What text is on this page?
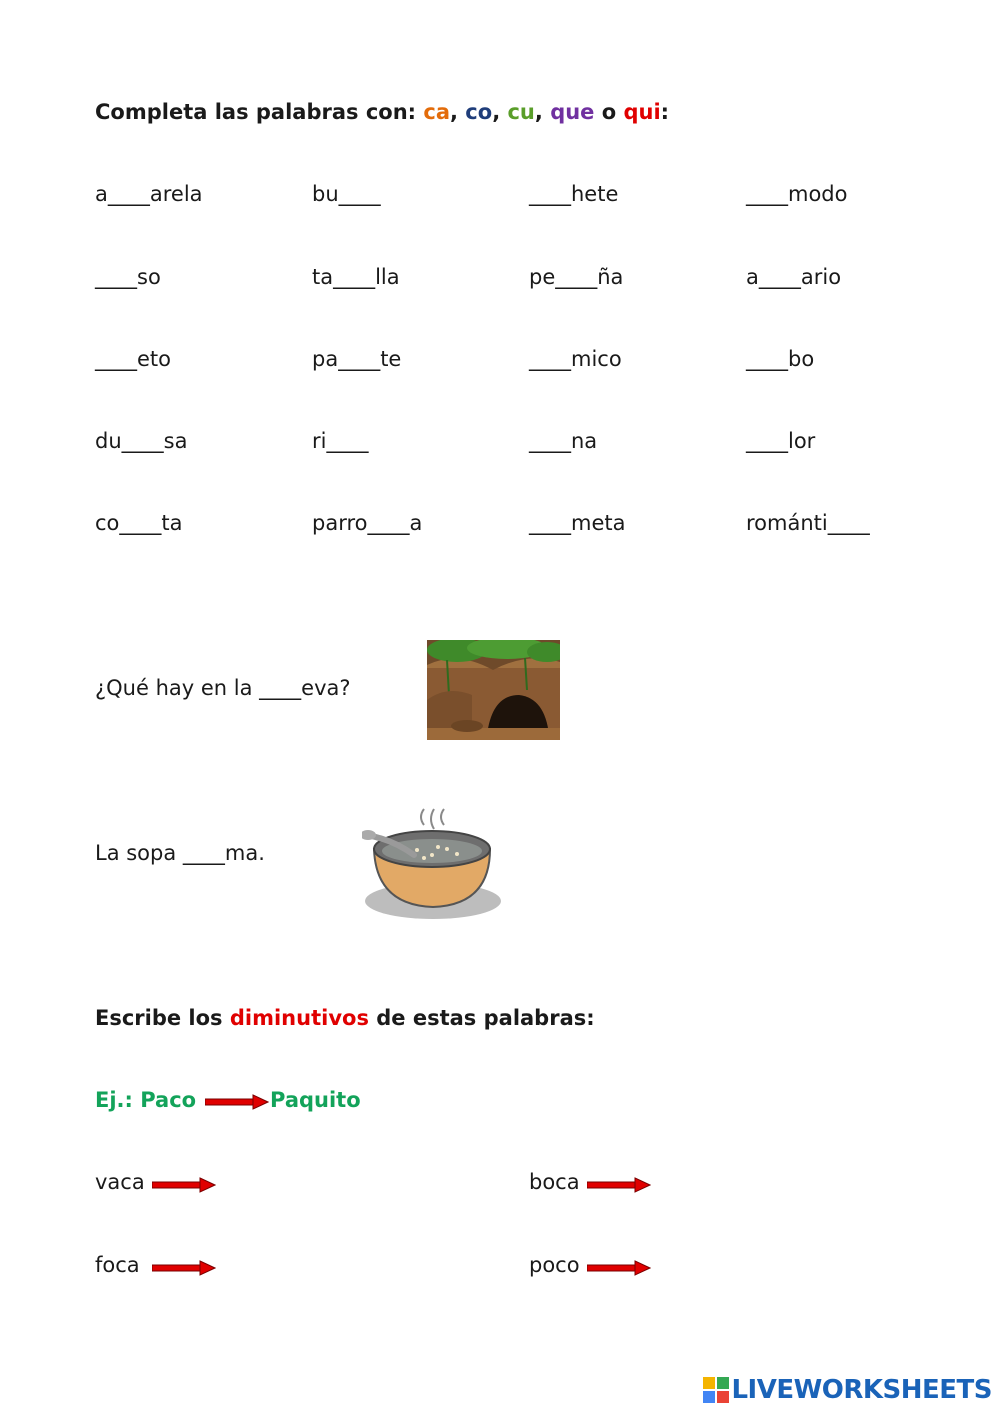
Completa las palabras con: ca, co, cu, que o qui:
a____arela	bu____	____hete	____modo
____so	ta____lla	pe____ña	a____ario
____eto	pa____te	____mico	____bo
du____sa	ri____	____na	____lor
co____ta	parro____a	____meta	románti____
¿Qué hay en la ____eva?
La sopa ____ma.
Escribe los diminutivos de estas palabras:
Ej.: Paco	Paquito
vaca	boca
foca	poco
LIVEWORKSHEETS
